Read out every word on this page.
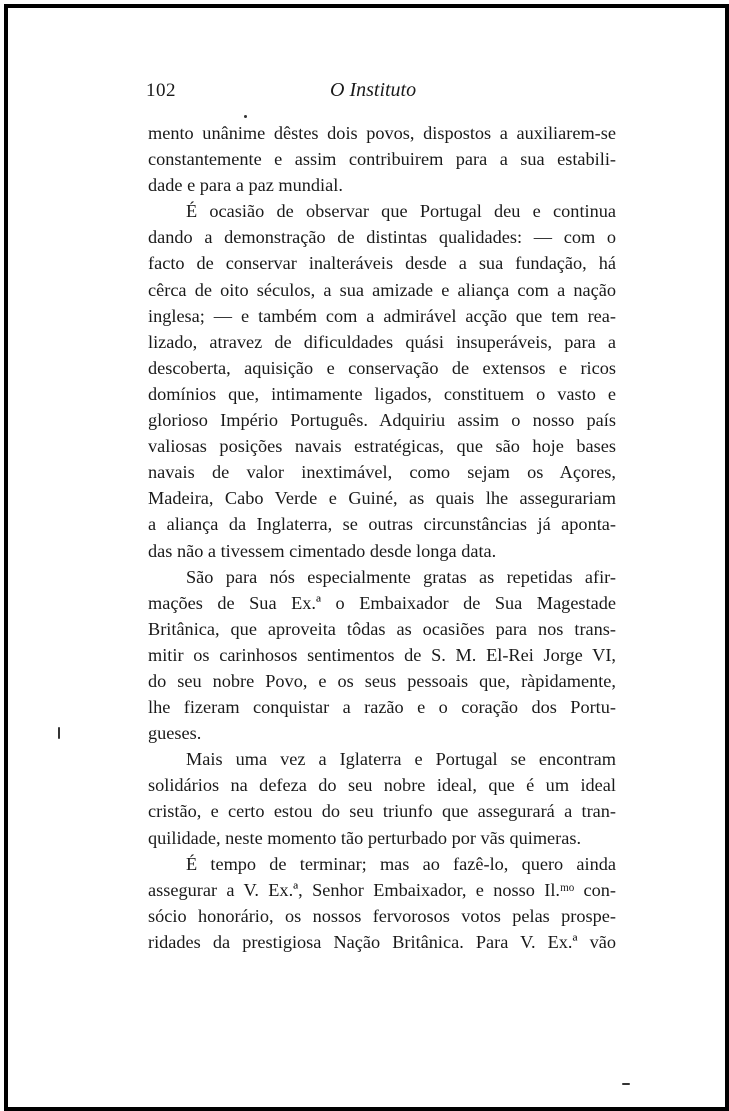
102	O Instituto
mento unânime dêstes dois povos, dispostos a auxiliarem-se
constantemente e assim contribuirem para a sua estabili-
dade e para a paz mundial.
É ocasião de observar que Portugal deu e continua
dando a demonstração de distintas qualidades: — com o
facto de conservar inalteráveis desde a sua fundação, há
cêrca de oito séculos, a sua amizade e aliança com a nação
inglesa; — e também com a admirável acção que tem rea-
lizado, atravez de dificuldades quási insuperáveis, para a
descoberta, aquisição e conservação de extensos e ricos
domínios que, intimamente ligados, constituem o vasto e
glorioso Império Português. Adquiriu assim o nosso país
valiosas posições navais estratégicas, que são hoje bases
navais de valor inextimável, como sejam os Açores,
Madeira, Cabo Verde e Guiné, as quais lhe assegurariam
a aliança da Inglaterra, se outras circunstâncias já aponta-
das não a tivessem cimentado desde longa data.
São para nós especialmente gratas as repetidas afir-
mações de Sua Ex.ª o Embaixador de Sua Magestade
Britânica, que aproveita tôdas as ocasiões para nos trans-
mitir os carinhosos sentimentos de S. M. El-Rei Jorge VI,
do seu nobre Povo, e os seus pessoais que, ràpidamente,
lhe fizeram conquistar a razão e o coração dos Portu-
gueses.
Mais uma vez a Iglaterra e Portugal se encontram
solidários na defeza do seu nobre ideal, que é um ideal
cristão, e certo estou do seu triunfo que assegurará a tran-
quilidade, neste momento tão perturbado por vãs quimeras.
É tempo de terminar; mas ao fazê-lo, quero ainda
assegurar a V. Ex.ª, Senhor Embaixador, e nosso Il.ᵐᵒ con-
sócio honorário, os nossos fervorosos votos pelas prospe-
ridades da prestigiosa Nação Britânica. Para V. Ex.ª vão
